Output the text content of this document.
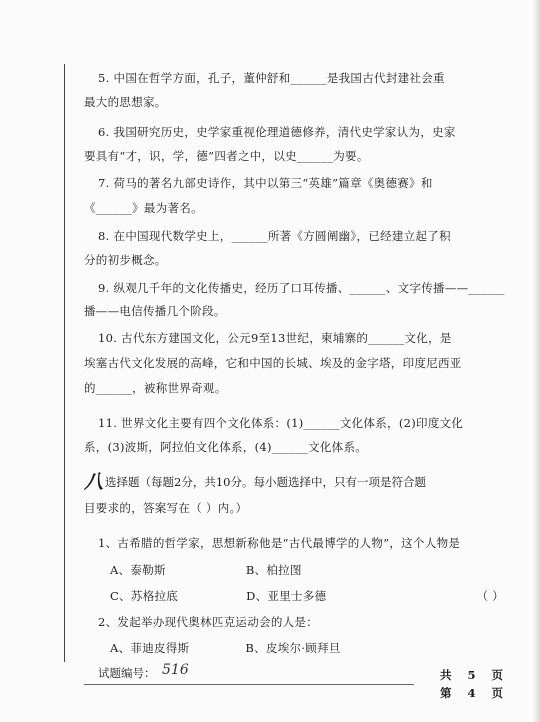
5. 中国在哲学方面，孔子，董仲舒和______是我国古代封建社会重
最大的思想家。
6. 我国研究历史，史学家重视伦理道德修养，清代史学家认为，史家
要具有“才，识，学，德”四者之中，以史______为要。
7. 荷马的著名九部史诗作，其中以第三“英雄”篇章《奥德赛》和
《______》最为著名。
8. 在中国现代数学史上，______所著《方圆阐幽》，已经建立起了积
分的初步概念。
9. 纵观几千年的文化传播史，经历了口耳传播、______、文字传播——______
播——电信传播几个阶段。
10. 古代东方建国文化，公元9至13世纪，柬埔寨的______文化，是
埃塞古代文化发展的高峰，它和中国的长城、埃及的金字塔，印度尼西亚
的______，被称世界奇观。
11. 世界文化主要有四个文化体系：(1)______文化体系，(2)印度文化
系，(3)波斯，阿拉伯文化体系，(4)______文化体系。
八选择题（每题2分，共10分。每小题选择中，只有一项是符合题
目要求的，答案写在（ ）内。）
1、古希腊的哲学家，思想新称他是“古代最博学的人物”，这个人物是
A、泰勒斯	B、柏拉图
C、苏格拉底	D、亚里士多德	（ ）
2、发起举办现代奥林匹克运动会的人是：
A、菲迪皮得斯	B、皮埃尔·顾拜旦
试题编号： 516	共 5 页
第 4 页
